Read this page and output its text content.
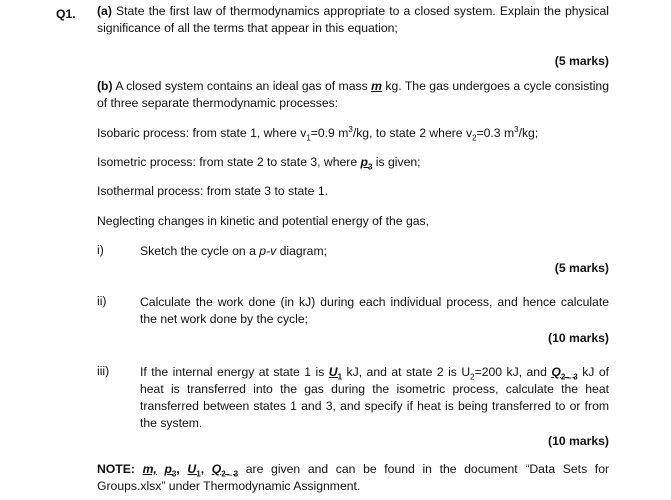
Q1. (a) State the first law of thermodynamics appropriate to a closed system. Explain the physical significance of all the terms that appear in this equation;
(5 marks)
(b) A closed system contains an ideal gas of mass m kg. The gas undergoes a cycle consisting of three separate thermodynamic processes:
Isobaric process: from state 1, where $v_1=0.9$ $m^3/kg$, to state 2 where $v_2=0.3$ $m^3/kg$;
Isometric process: from state 2 to state 3, where $p_3$ is given;
Isothermal process: from state 3 to state 1.
Neglecting changes in kinetic and potential energy of the gas,
i)	Sketch the cycle on a p-v diagram;
(5 marks)
ii)	Calculate the work done (in kJ) during each individual process, and hence calculate the net work done by the cycle;
(10 marks)
iii)	If the internal energy at state 1 is $U_1$ kJ, and at state 2 is $U_2=200$ kJ, and $Q_{2\to 3}$ kJ of heat is transferred into the gas during the isometric process, calculate the heat transferred between states 1 and 3, and specify if heat is being transferred to or from the system.
(10 marks)
NOTE: m, $p_3$, $U_1$, $Q_{2\to 3}$ are given and can be found in the document “Data Sets for Groups.xlsx” under Thermodynamic Assignment.
